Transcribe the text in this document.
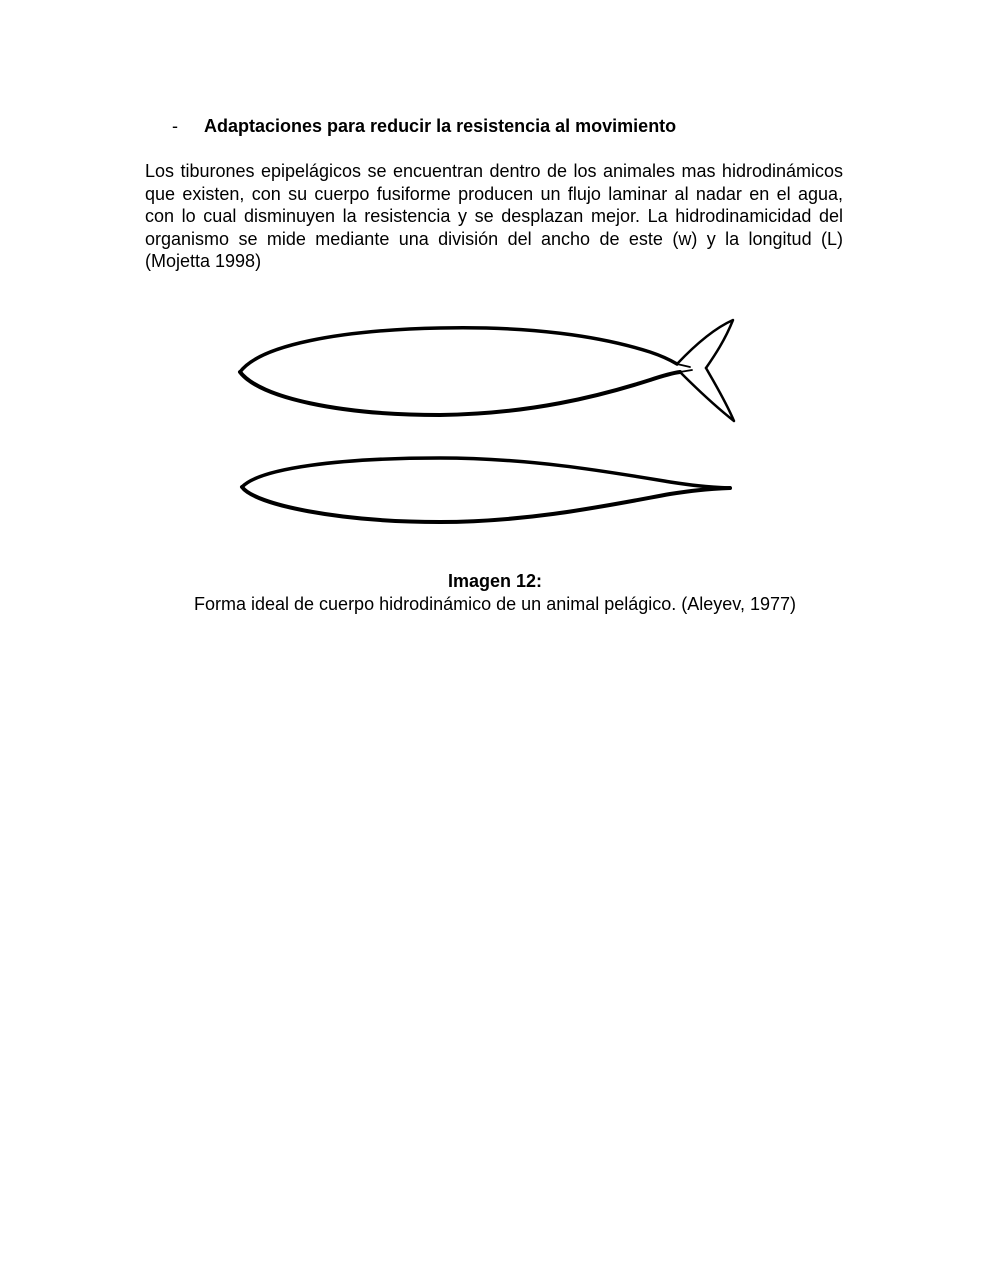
-	Adaptaciones para reducir la resistencia al movimiento

Los tiburones epipelágicos se encuentran dentro de los animales mas hidrodinámicos que existen, con su cuerpo fusiforme producen un flujo laminar al nadar en el agua, con lo cual disminuyen la resistencia y se desplazan mejor. La hidrodinamicidad del organismo se mide mediante una división del ancho de este (w) y la longitud (L) (Mojetta 1998)

Imagen 12:
Forma ideal de cuerpo hidrodinámico de un animal pelágico. (Aleyev, 1977)
